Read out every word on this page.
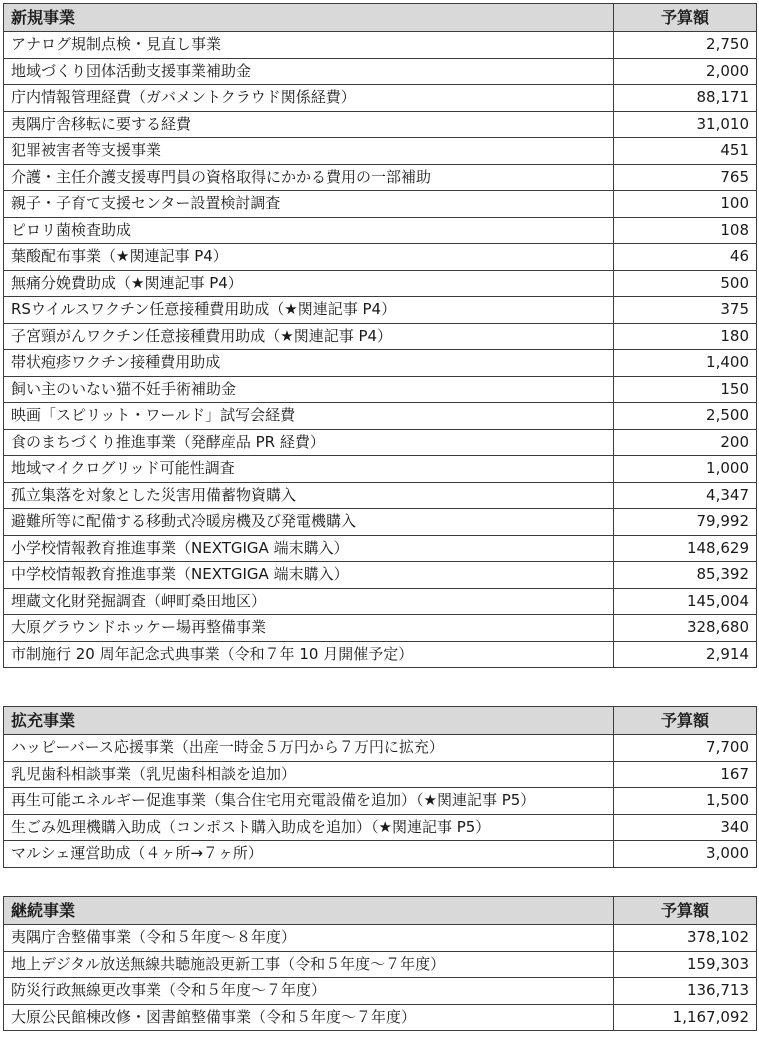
新規事業	予算額
アナログ規制点検・見直し事業	2,750
地域づくり団体活動支援事業補助金	2,000
庁内情報管理経費（ガバメントクラウド関係経費）	88,171
夷隅庁舎移転に要する経費	31,010
犯罪被害者等支援事業	451
介護・主任介護支援専門員の資格取得にかかる費用の一部補助	765
親子・子育て支援センター設置検討調査	100
ピロリ菌検査助成	108
葉酸配布事業（★関連記事 P4）	46
無痛分娩費助成（★関連記事 P4）	500
RSウイルスワクチン任意接種費用助成（★関連記事 P4）	375
子宮頸がんワクチン任意接種費用助成（★関連記事 P4）	180
帯状疱疹ワクチン接種費用助成	1,400
飼い主のいない猫不妊手術補助金	150
映画「スピリット・ワールド」試写会経費	2,500
食のまちづくり推進事業（発酵産品 PR 経費）	200
地域マイクログリッド可能性調査	1,000
孤立集落を対象とした災害用備蓄物資購入	4,347
避難所等に配備する移動式冷暖房機及び発電機購入	79,992
小学校情報教育推進事業（NEXTGIGA 端末購入）	148,629
中学校情報教育推進事業（NEXTGIGA 端末購入）	85,392
埋蔵文化財発掘調査（岬町桑田地区）	145,004
大原グラウンドホッケー場再整備事業	328,680
市制施行 20 周年記念式典事業（令和７年 10 月開催予定）	2,914
拡充事業	予算額
ハッピーバース応援事業（出産一時金５万円から７万円に拡充）	7,700
乳児歯科相談事業（乳児歯科相談を追加）	167
再生可能エネルギー促進事業（集合住宅用充電設備を追加）（★関連記事 P5）	1,500
生ごみ処理機購入助成（コンポスト購入助成を追加）（★関連記事 P5）	340
マルシェ運営助成（４ヶ所→７ヶ所）	3,000
継続事業	予算額
夷隅庁舎整備事業（令和５年度～８年度）	378,102
地上デジタル放送無線共聴施設更新工事（令和５年度～７年度）	159,303
防災行政無線更改事業（令和５年度～７年度）	136,713
大原公民館棟改修・図書館整備事業（令和５年度～７年度）	1,167,092
